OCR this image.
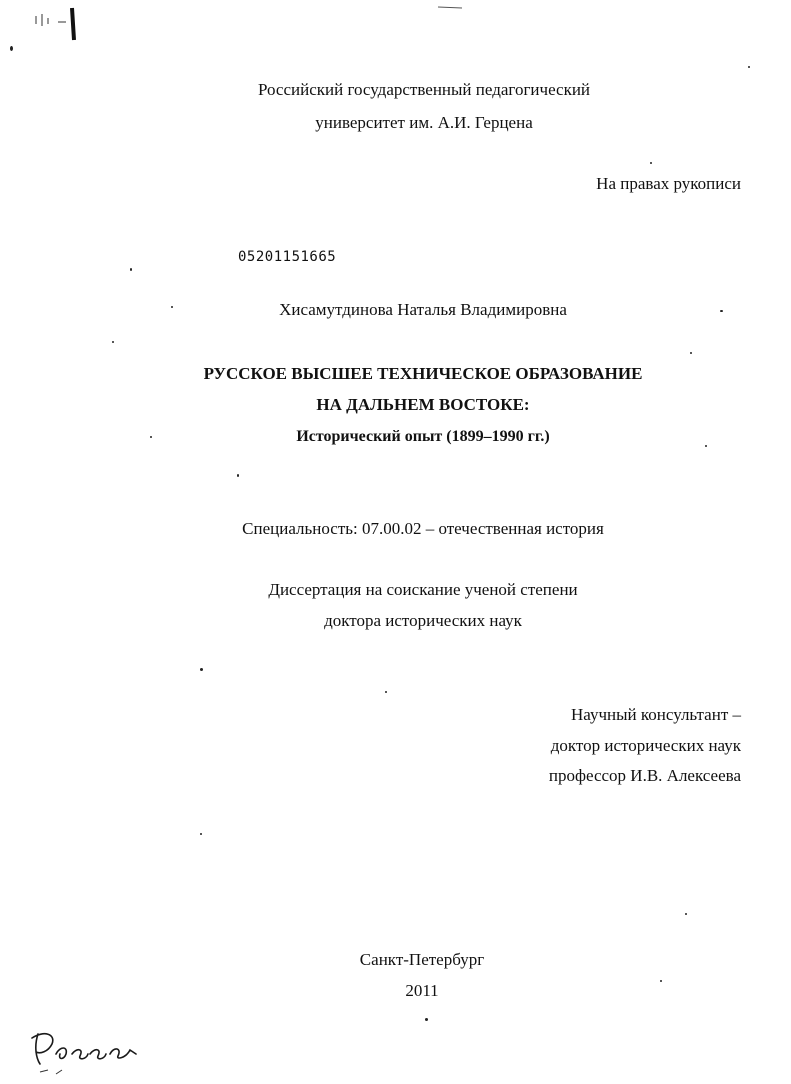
Российский государственный педагогический
университет им. А.И. Герцена
На правах рукописи
05201151665
Хисамутдинова Наталья Владимировна
РУССКОЕ ВЫСШЕЕ ТЕХНИЧЕСКОЕ ОБРАЗОВАНИЕ
НА ДАЛЬНЕМ ВОСТОКЕ:
Исторический опыт (1899–1990 гг.)
Специальность: 07.00.02 – отечественная история
Диссертация на соискание ученой степени
доктора исторических наук
Научный консультант –
доктор исторических наук
профессор И.В. Алексеева
Санкт-Петербург
2011
